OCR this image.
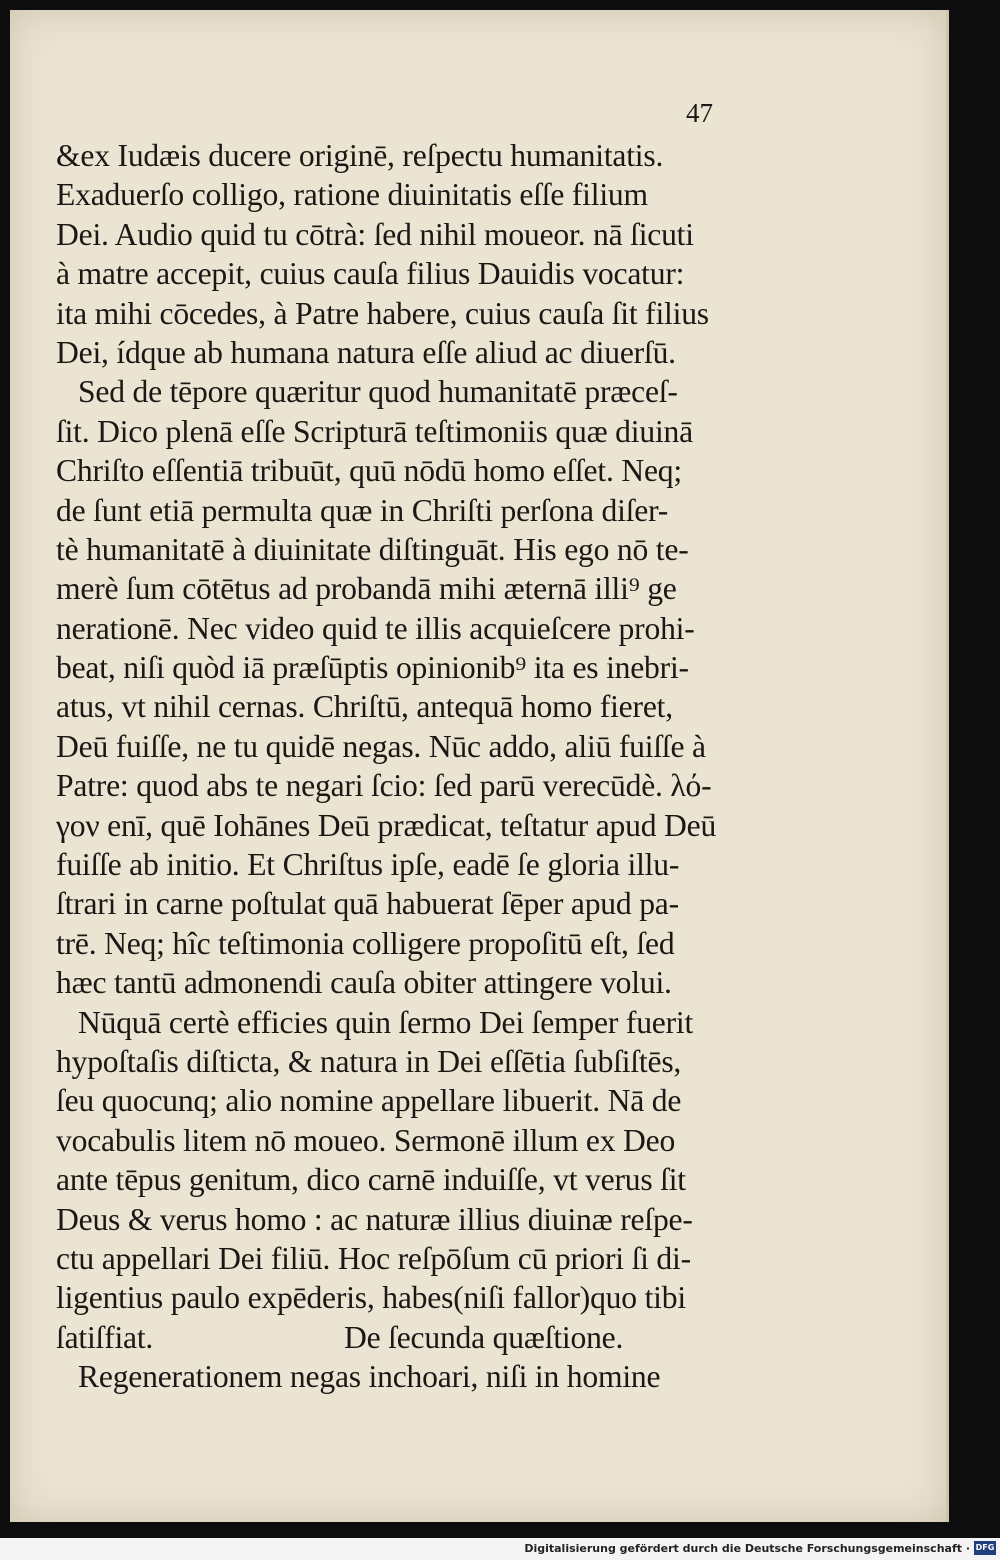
47
&ex Iudæis ducere originē, reſpectu humanitatis.
Exaduerſo colligo, ratione diuinitatis eſſe filium
Dei. Audio quid tu cōtrà: ſed nihil moueor. nā ſicuti
à matre accepit, cuius cauſa filius Dauidis vocatur:
ita mihi cōcedes, à Patre habere, cuius cauſa ſit filius
Dei, ídque ab humana natura eſſe aliud ac diuerſū.
Sed de tēpore quæritur quod humanitatē præceſ-
ſit. Dico plenā eſſe Scripturā teſtimoniis quæ diuinā
Chriſto eſſentiā tribuūt, quū nōdū homo eſſet. Neq;
de ſunt etiā permulta quæ in Chriſti perſona diſer-
tè humanitatē à diuinitate diſtinguāt. His ego nō te-
merè ſum cōtētus ad probandā mihi æternā illi⁹ ge
nerationē. Nec video quid te illis acquieſcere prohi-
beat, niſi quòd iā præſūptis opinionib⁹ ita es inebri-
atus, vt nihil cernas. Chriſtū, antequā homo fieret,
Deū fuiſſe, ne tu quidē negas. Nūc addo, aliū fuiſſe à
Patre: quod abs te negari ſcio: ſed parū verecūdè. λό-
γον enī, quē Iohānes Deū prædicat, teſtatur apud Deū
fuiſſe ab initio. Et Chriſtus ipſe, eadē ſe gloria illu-
ſtrari in carne poſtulat quā habuerat ſēper apud pa-
trē. Neq; hîc teſtimonia colligere propoſitū eſt, ſed
hæc tantū admonendi cauſa obiter attingere volui.
Nūquā certè efficies quin ſermo Dei ſemper fuerit
hypoſtaſis diſticta, & natura in Dei eſſētia ſubſiſtēs,
ſeu quocunq; alio nomine appellare libuerit. Nā de
vocabulis litem nō moueo. Sermonē illum ex Deo
ante tēpus genitum, dico carnē induiſſe, vt verus ſit
Deus & verus homo : ac naturæ illius diuinæ reſpe-
ctu appellari Dei filiū. Hoc reſpōſum cū priori ſi di-
ligentius paulo expēderis, habes(niſi fallor)quo tibi
ſatiſfiat.	De ſecunda quæſtione.
Regenerationem negas inchoari, niſi in homine
Digitalisierung gefördert durch die Deutsche Forschungsgemeinschaft · DFG
